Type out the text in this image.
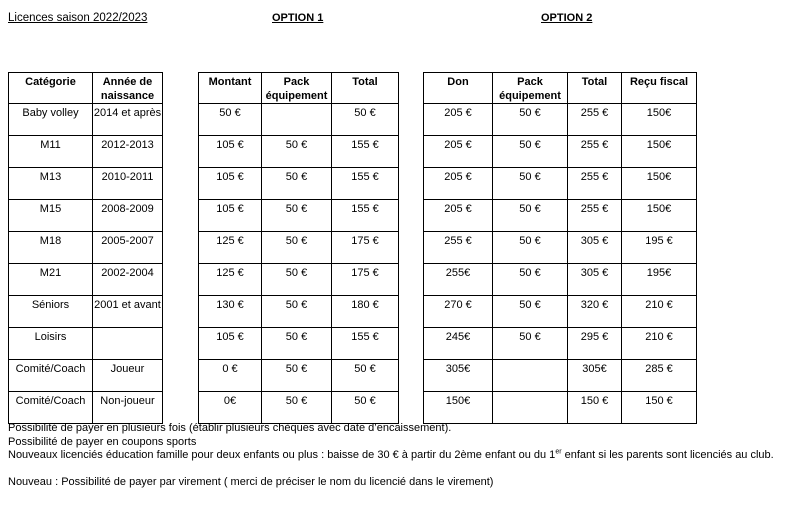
Licences saison 2022/2023	OPTION 1	OPTION 2
Catégorie	Année de naissance
Baby volley	2014 et après
M11	2012-2013
M13	2010-2011
M15	2008-2009
M18	2005-2007
M21	2002-2004
Séniors	2001 et avant
Loisirs	
Comité/Coach	Joueur
Comité/Coach	Non-joueur
Montant	Pack équipement	Total
50 €		50 €
105 €	50 €	155 €
105 €	50 €	155 €
105 €	50 €	155 €
125 €	50 €	175 €
125 €	50 €	175 €
130 €	50 €	180 €
105 €	50 €	155 €
0 €	50 €	50 €
0€	50 €	50 €
Don	Pack équipement	Total	Reçu fiscal
205 €	50 €	255 €	150€
205 €	50 €	255 €	150€
205 €	50 €	255 €	150€
205 €	50 €	255 €	150€
255 €	50 €	305 €	195 €
255€	50 €	305 €	195€
270 €	50 €	320 €	210 €
245€	50 €	295 €	210 €
305€		305€	285 €
150€		150 €	150 €
Possibilité de payer en plusieurs fois (établir plusieurs chèques avec date d’encaissement).
Possibilité de payer en coupons sports
Nouveaux licenciés éducation famille pour deux enfants ou plus : baisse de 30 € à partir du 2ème enfant ou du 1er enfant si les parents sont licenciés au club.
Nouveau : Possibilité de payer par virement ( merci de préciser le nom du licencié dans le virement)
